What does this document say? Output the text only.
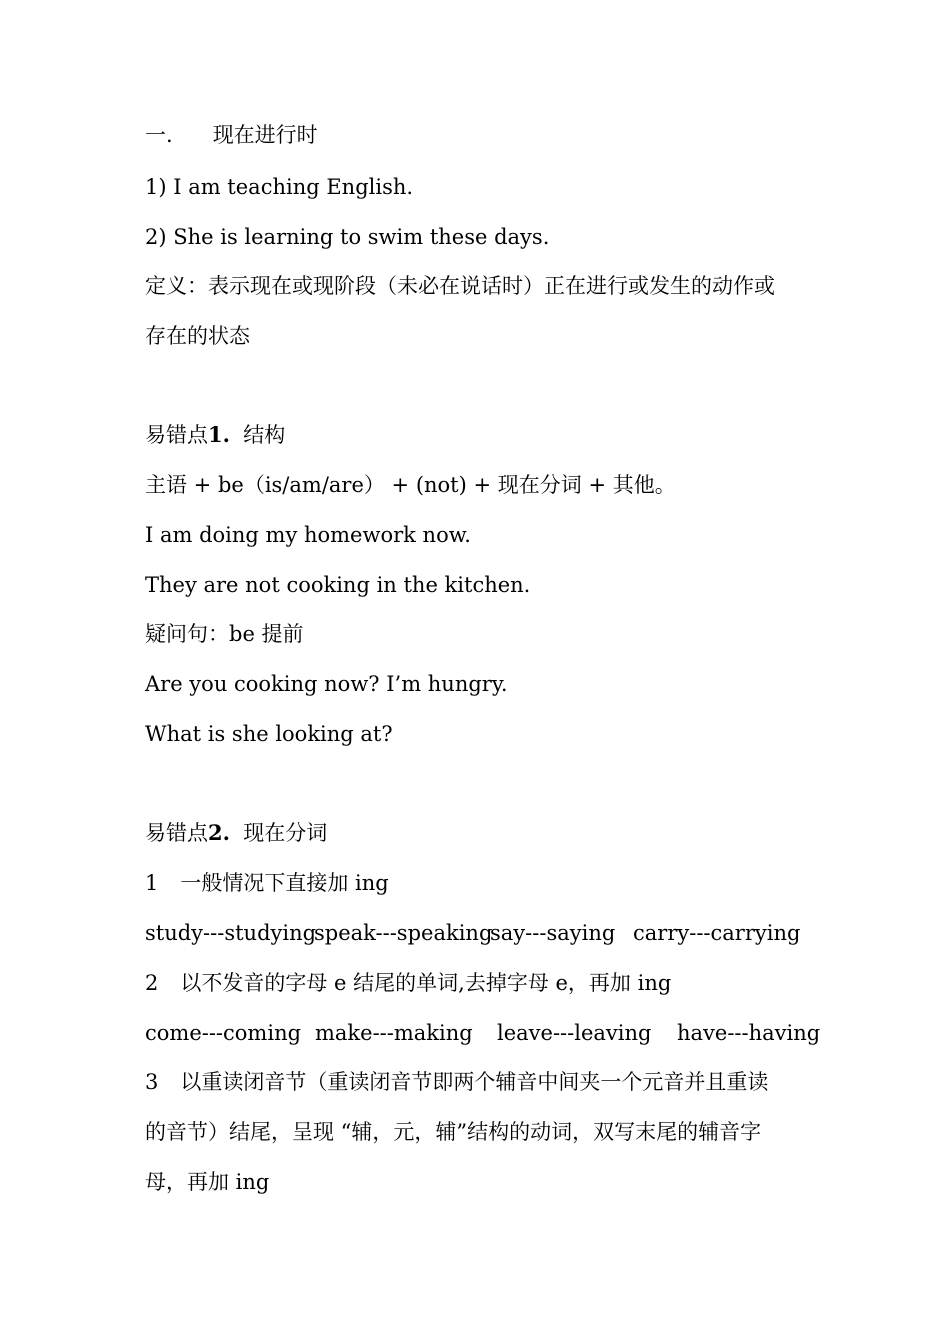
一. 现在进行时
1) I am teaching English.
2) She is learning to swim these days.
定义：表示现在或现阶段（未必在说话时）正在进行或发生的动作或
存在的状态
易错点1. 结构
主语 + be（is/am/are） + (not) + 现在分词 + 其他。
I am doing my homework now.
They are not cooking in the kitchen.
疑问句：be 提前
Are you cooking now? I’m hungry.
What is she looking at?
易错点2. 现在分词
1 一般情况下直接加 ing
study---studying
speak---speaking
say---saying carry---carrying
2 以不发音的字母 e 结尾的单词,去掉字母 e，再加 ing
come---coming make---making leave---leaving have---having
3 以重读闭音节（重读闭音节即两个辅音中间夹一个元音并且重读
的音节）结尾，呈现 “辅，元，辅”结构的动词，双写末尾的辅音字
母，再加 ing
